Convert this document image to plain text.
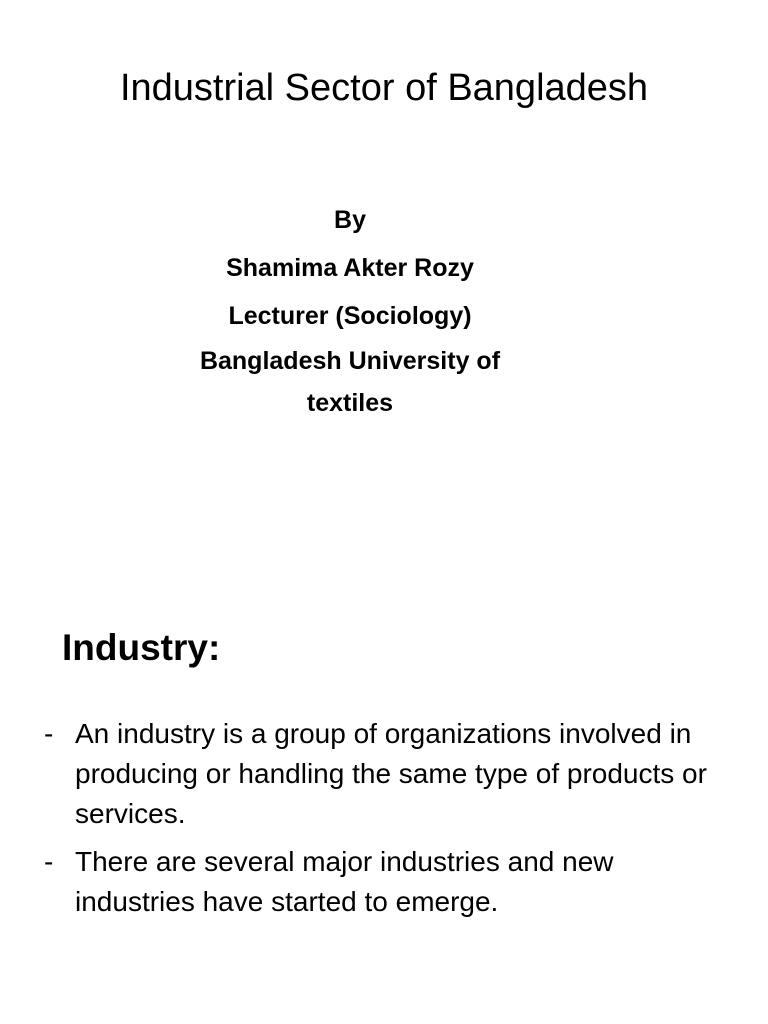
Industrial Sector of Bangladesh
By
Shamima Akter Rozy
Lecturer (Sociology)
Bangladesh University of
textiles
Industry:
- An industry is a group of organizations involved in producing or handling the same type of products or services.
- There are several major industries and new industries have started to emerge.
